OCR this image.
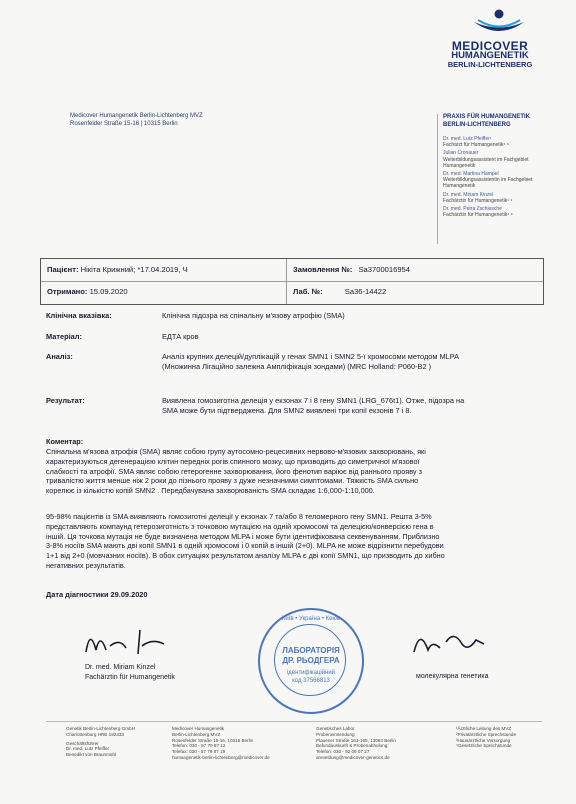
MEDICOVER
HUMANGENETIK
BERLIN-LICHTENBERG
Medicover Humangenetik Berlin-Lichtenberg MVZ
Rosenfelder Straße 15-16 | 10315 Berlin
PRAXIS FÜR HUMANGENETIK
BERLIN-LICHTENBERG
Dr. med. Lutz Pfeiffer¹
Facharzt für Humangenetik⁴ ⁶
Julian Cronauer
Weiterbildungsassistent im Fachgebiet Humangenetik
Dr. med. Martina Hampel
Weiterbildungsassistentin im Fachgebiet Humangenetik
Dr. med. Miriam Kinzel
Fachärztin für Humangenetik¹ ⁴
Dr. med. Petra Zschiesche
Fachärztin für Humangenetik⁴ ⁶
Пацієнт: Нікіта Крижний; *17.04.2019, Ч	Замовлення №: Sa3700016954
Отримано: 15.09.2020	Лаб. №:	Sa36-14422
Клінічна вказівка:	Клінічна підозра на спінальну м'язову атрофію (SMA)
Матеріал:	ЕДТА кров
Аналіз:	Аналіз крупних делецій/дуплікацій у генах SMN1 і SMN2 5-ї хромосоми методом MLPA
(Множинна Лігаційно залежна Ампліфікація зондами) (MRC Holland: P060-B2 )
Результат:	Виявлена гомозиготна делеція у екзонах 7 і 8 гену SMN1 (LRG_676t1). Отже, підозра на
SMA може бути підтверджена. Для SMN2 виявлені три копії екзонів 7 і 8.
Коментар:
Спінальна м'язова атрофія (SMA) являє собою групу аутосомно-рецесивних нервово-м'язових захворювань, які
характеризуються дегенерацією клітин передніх рогів спинного мозку, що призводить до симетричної м'язової
слабкості та атрофії. SMA являє собою гетерогенне захворювання, його фенотип варіює від раннього прояву з
тривалістю життя менше ніж 2 роки до пізнього прояву з дуже незначними симптомами. Тяжкість SMA сильно
корелює із кількістю копій SMN2 . Передбачувана захворюваність SMA складає 1:6,000-1:10,000.
95-98% пацієнтів із SMA виявляють гомозиготні делеції у екзонах 7 та/або 8 теломерного гену SMN1. Решта 3-5%
представляють компаунд гетерозиготність з точковою мутацією на одній хромосомі та делецією/конверсією гена в
іншій. Ця точкова мутація не буде визначена методом MLPA і може бути ідентифікована секвенуванням. Приблизно
3-8% носіїв SMA мають дві копії SMN1 в одній хромосомі і 0 копій в іншій (2+0). MLPA не може відрізнити перебудови
1+1 від 2+0 (мовчазних носіїв). В обох ситуаціях результатом аналізу MLPA є дві копії SMN1, що призводить до хибно
негативних результатів.
Дата діагностики 29.09.2020
Dr. med. Miriam Kinzel
Fachärztin für Humangenetik	молекулярна генетика
Київ • Україна • Кеюв
ЛАБОРАТОРІЯ
ДР. РЬОДГЕРА
ідентифікаційний
код 37566813
Genetik Berlin-Lichtenberg GmbH
Charlottenburg HRB 192333
Geschäftsführer
Dr. med. Lutz Pfeiffer
Benedikt von Braunmühl
Medicover Humangenetik
Berlin-Lichtenberg MVZ
Rosenfelder Straße 15-16, 10315 Berlin
Telefon: 030 - 57 79 87 12
Telefax: 030 - 57 79 87 19
humangenetik-berlin-lichtenberg@medicover.de
Genetisches Labor
Probeneinsendung
Plauener Straße 163-165, 13053 Berlin
Befundauskunft & Probenabholung:
Telefon: 030 - 92 09 07 27
anmeldung@medicover-genetics.de
¹Ärztliche Leitung des MVZ
²Privatärztliche Sprechstunde
³Hausärztliche Versorgung
⁴Gesetzliche Sprechstunde
